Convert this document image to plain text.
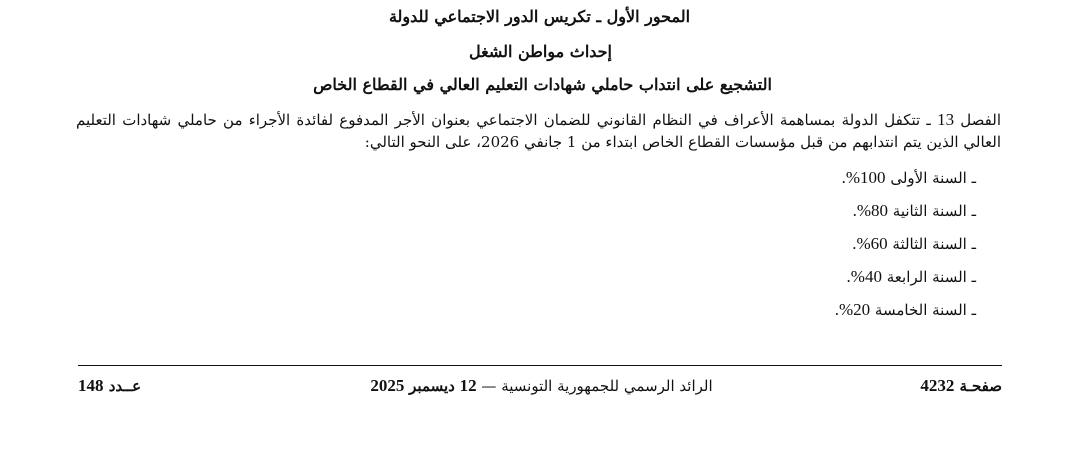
المحور الأول ـ تكريس الدور الاجتماعي للدولة
إحداث مواطن الشغل
التشجيع على انتداب حاملي شهادات التعليم العالي في القطاع الخاص
الفصل 13 ـ تتكفل الدولة بمساهمة الأعراف في النظام القانوني للضمان الاجتماعي بعنوان الأجر المدفوع لفائدة الأجراء من حاملي شهادات التعليم العالي الذين يتم انتدابهم من قبل مؤسسات القطاع الخاص ابتداء من 1 جانفي 2026، على النحو التالي:
ـ السنة الأولى 100%.
ـ السنة الثانية 80%.
ـ السنة الثالثة 60%.
ـ السنة الرابعة 40%.
ـ السنة الخامسة 20%.
صفحـة 4232
الرائد الرسمي للجمهورية التونسية — 12 ديسمبر 2025
عــدد 148
